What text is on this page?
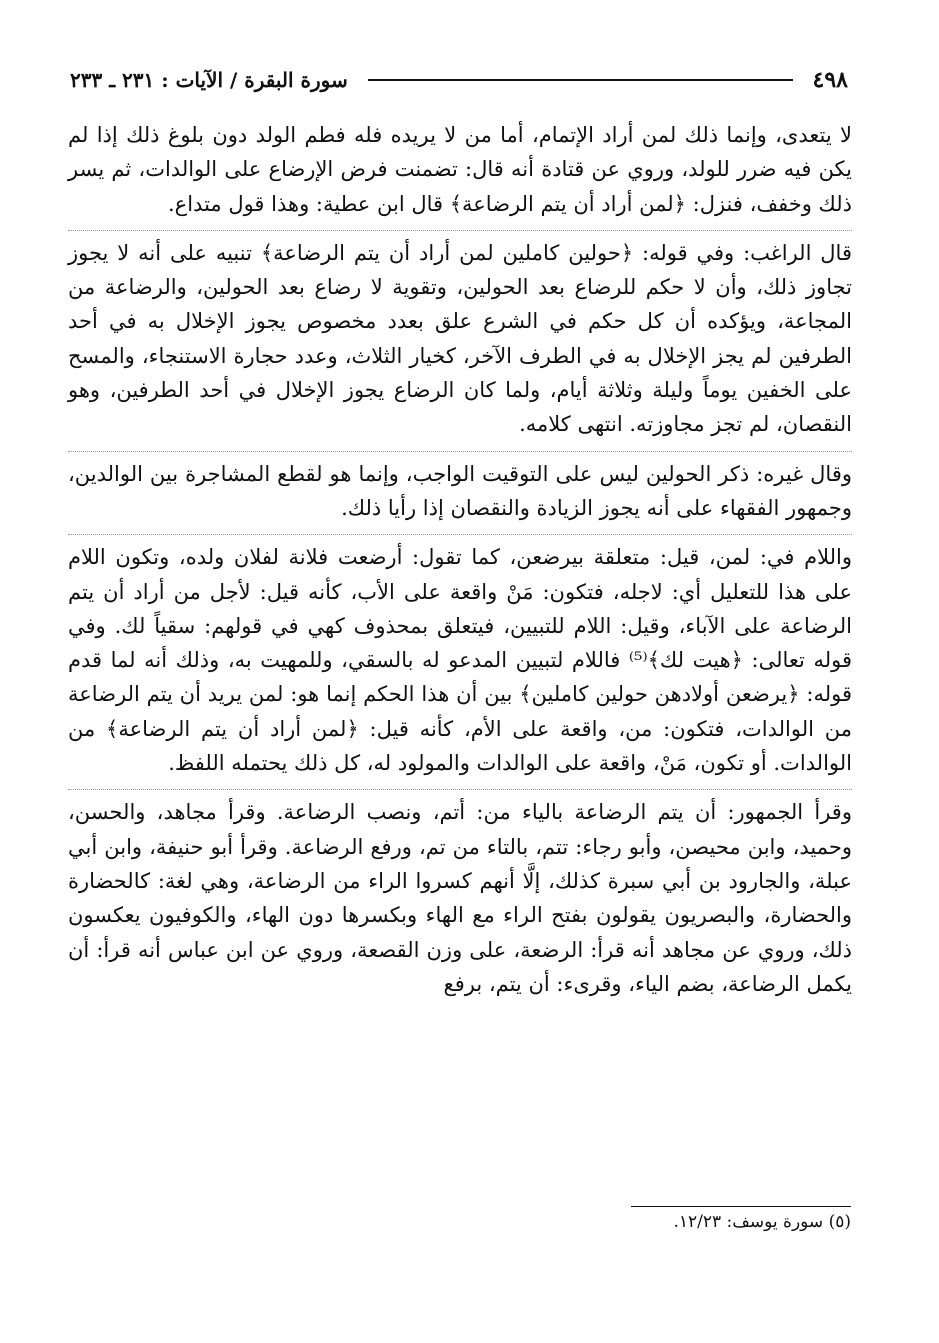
٤٩٨
سورة البقرة / الآيات : ٢٣١ ـ ٢٣٣

لا يتعدى، وإنما ذلك لمن أراد الإتمام، أما من لا يريده فله فطم الولد دون بلوغ ذلك إذا لم يكن فيه ضرر للولد، وروي عن قتادة أنه قال: تضمنت فرض الإرضاع على الوالدات، ثم يسر ذلك وخفف، فنزل: ﴿لمن أراد أن يتم الرضاعة﴾ قال ابن عطية: وهذا قول متداع.

قال الراغب: وفي قوله: ﴿حولين كاملين لمن أراد أن يتم الرضاعة﴾ تنبيه على أنه لا يجوز تجاوز ذلك، وأن لا حكم للرضاع بعد الحولين، وتقوية لا رضاع بعد الحولين، والرضاعة من المجاعة، ويؤكده أن كل حكم في الشرع علق بعدد مخصوص يجوز الإخلال به في أحد الطرفين لم يجز الإخلال به في الطرف الآخر، كخيار الثلاث، وعدد حجارة الاستنجاء، والمسح على الخفين يوماً وليلة وثلاثة أيام، ولما كان الرضاع يجوز الإخلال في أحد الطرفين، وهو النقصان، لم تجز مجاوزته. انتهى كلامه.

وقال غيره: ذكر الحولين ليس على التوقيت الواجب، وإنما هو لقطع المشاجرة بين الوالدين، وجمهور الفقهاء على أنه يجوز الزيادة والنقصان إذا رأيا ذلك.

واللام في: لمن، قيل: متعلقة بيرضعن، كما تقول: أرضعت فلانة لفلان ولده، وتكون اللام على هذا للتعليل أي: لاجله، فتكون: مَنْ واقعة على الأب، كأنه قيل: لأجل من أراد أن يتم الرضاعة على الآباء، وقيل: اللام للتبيين، فيتعلق بمحذوف كهي في قولهم: سقياً لك. وفي قوله تعالى: ﴿هيت لك﴾⁽⁵⁾ فاللام لتبيين المدعو له بالسقي، وللمهيت به، وذلك أنه لما قدم قوله: ﴿يرضعن أولادهن حولين كاملين﴾ بين أن هذا الحكم إنما هو: لمن يريد أن يتم الرضاعة من الوالدات، فتكون: من، واقعة على الأم، كأنه قيل: ﴿لمن أراد أن يتم الرضاعة﴾ من الوالدات. أو تكون، مَنْ، واقعة على الوالدات والمولود له، كل ذلك يحتمله اللفظ.

وقرأ الجمهور: أن يتم الرضاعة بالياء من: أتم، ونصب الرضاعة. وقرأ مجاهد، والحسن، وحميد، وابن محيصن، وأبو رجاء: تتم، بالتاء من تم، ورفع الرضاعة. وقرأ أبو حنيفة، وابن أبي عبلة، والجارود بن أبي سبرة كذلك، إلَّا أنهم كسروا الراء من الرضاعة، وهي لغة: كالحضارة والحضارة، والبصريون يقولون بفتح الراء مع الهاء وبكسرها دون الهاء، والكوفيون يعكسون ذلك، وروي عن مجاهد أنه قرأ: الرضعة، على وزن القصعة، وروي عن ابن عباس أنه قرأ: أن يكمل الرضاعة، بضم الياء، وقرىء: أن يتم، برفع

(٥) سورة يوسف: ١٢/٢٣.
